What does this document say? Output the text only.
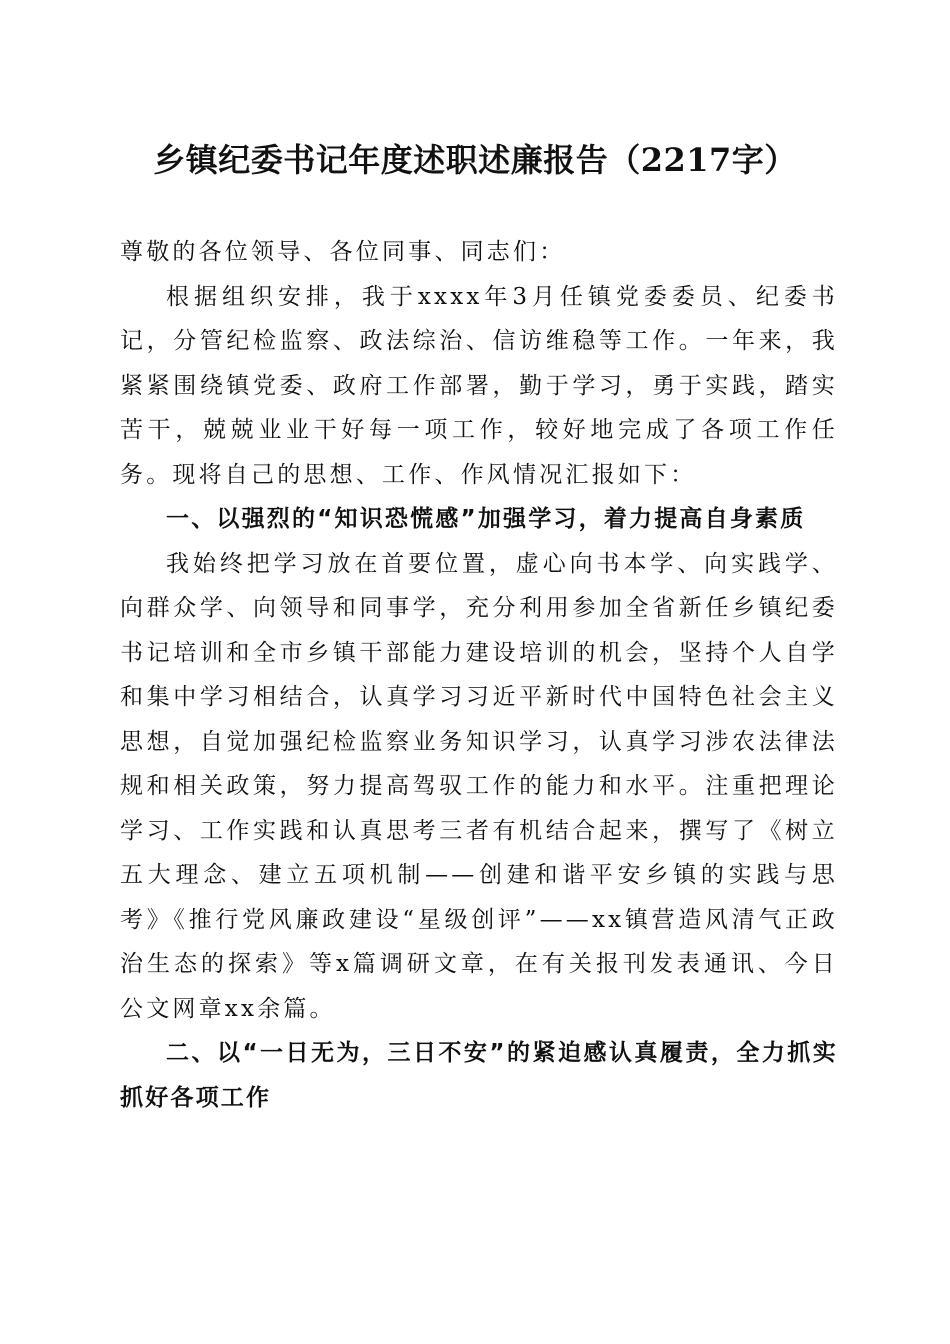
乡镇纪委书记年度述职述廉报告（2217字）

尊敬的各位领导、各位同事、同志们：

根据组织安排，我于xxxx年3月任镇党委委员、纪委书记，分管纪检监察、政法综治、信访维稳等工作。一年来，我紧紧围绕镇党委、政府工作部署，勤于学习，勇于实践，踏实苦干，兢兢业业干好每一项工作，较好地完成了各项工作任务。现将自己的思想、工作、作风情况汇报如下：

一、以强烈的“知识恐慌感”加强学习，着力提高自身素质

我始终把学习放在首要位置，虚心向书本学、向实践学、向群众学、向领导和同事学，充分利用参加全省新任乡镇纪委书记培训和全市乡镇干部能力建设培训的机会，坚持个人自学和集中学习相结合，认真学习习近平新时代中国特色社会主义思想，自觉加强纪检监察业务知识学习，认真学习涉农法律法规和相关政策，努力提高驾驭工作的能力和水平。注重把理论学习、工作实践和认真思考三者有机结合起来，撰写了《树立五大理念、建立五项机制——创建和谐平安乡镇的实践与思考》《推行党风廉政建设“星级创评”——xx镇营造风清气正政治生态的探索》等x篇调研文章，在有关报刊发表通讯、今日公文网章xx余篇。

二、以“一日无为，三日不安”的紧迫感认真履责，全力抓实抓好各项工作
